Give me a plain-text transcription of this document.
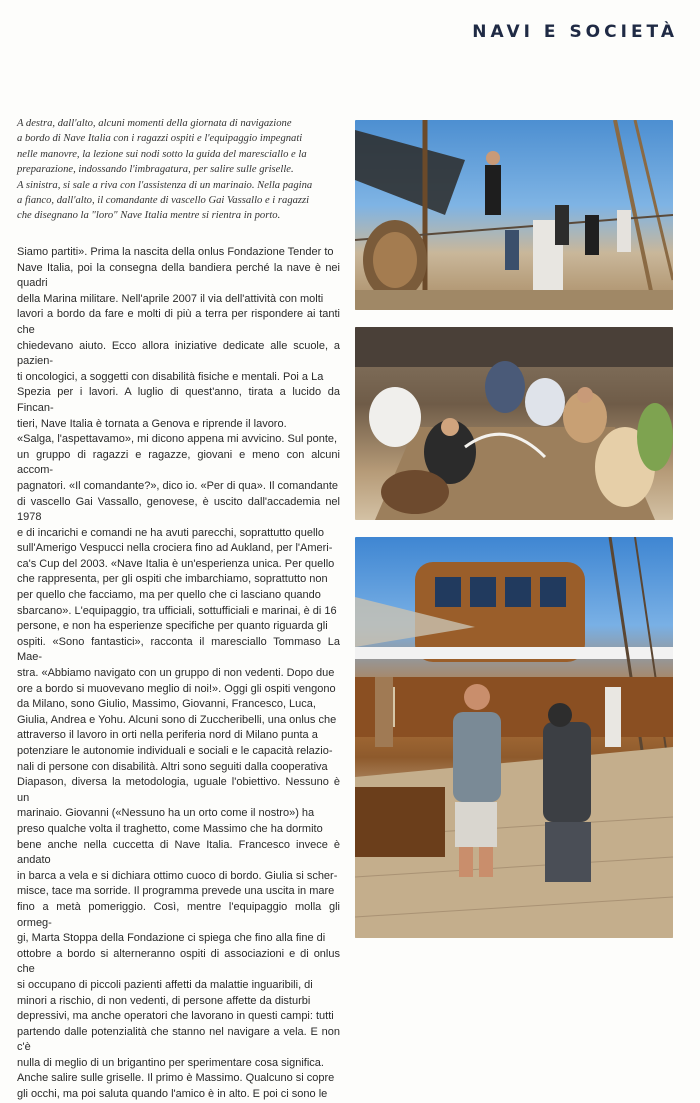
NAVI E SOCIETÀ

A destra, dall'alto, alcuni momenti della giornata di navigazione

a bordo di Nave Italia con i ragazzi ospiti e l'equipaggio impegnati

nelle manovre, la lezione sui nodi sotto la guida del maresciallo e la

preparazione, indossando l'imbragatura, per salire sulle griselle.

A sinistra, si sale a riva con l'assistenza di un marinaio. Nella pagina

a fianco, dall'alto, il comandante di vascello Gai Vassallo e i ragazzi

che disegnano la "loro" Nave Italia mentre si rientra in porto.

Siamo partiti». Prima la nascita della onlus Fondazione Tender to

Nave Italia, poi la consegna della bandiera perché la nave è nei quadri

della Marina militare. Nell'aprile 2007 il via dell'attività con molti

lavori a bordo da fare e molti di più a terra per rispondere ai tanti che

chiedevano aiuto. Ecco allora iniziative dedicate alle scuole, a pazien-

ti oncologici, a soggetti con disabilità fisiche e mentali. Poi a La

Spezia per i lavori. A luglio di quest'anno, tirata a lucido da Fincan-

tieri, Nave Italia è tornata a Genova e riprende il lavoro.

«Salga, l'aspettavamo», mi dicono appena mi avvicino. Sul ponte,

un gruppo di ragazzi e ragazze, giovani e meno con alcuni accom-

pagnatori. «Il comandante?», dico io. «Per di qua». Il comandante

di vascello Gai Vassallo, genovese, è uscito dall'accademia nel 1978

e di incarichi e comandi ne ha avuti parecchi, soprattutto quello

sull'Amerigo Vespucci nella crociera fino ad Aukland, per l'Ameri-

ca's Cup del 2003. «Nave Italia è un'esperienza unica. Per quello

che rappresenta, per gli ospiti che imbarchiamo, soprattutto non

per quello che facciamo, ma per quello che ci lasciano quando

sbarcano». L'equipaggio, tra ufficiali, sottufficiali e marinai, è di 16

persone, e non ha esperienze specifiche per quanto riguarda gli

ospiti. «Sono fantastici», racconta il maresciallo Tommaso La Mae-

stra. «Abbiamo navigato con un gruppo di non vedenti. Dopo due

ore a bordo si muovevano meglio di noi!». Oggi gli ospiti vengono

da Milano, sono Giulio, Massimo, Giovanni, Francesco, Luca,

Giulia, Andrea e Yohu. Alcuni sono di Zuccheribelli, una onlus che

attraverso il lavoro in orti nella periferia nord di Milano punta a

potenziare le autonomie individuali e sociali e le capacità relazio-

nali di persone con disabilità. Altri sono seguiti dalla cooperativa

Diapason, diversa la metodologia, uguale l'obiettivo. Nessuno è un

marinaio. Giovanni («Nessuno ha un orto come il nostro») ha

preso qualche volta il traghetto, come Massimo che ha dormito

bene anche nella cuccetta di Nave Italia. Francesco invece è andato

in barca a vela e si dichiara ottimo cuoco di bordo. Giulia si scher-

misce, tace ma sorride. Il programma prevede una uscita in mare

fino a metà pomeriggio. Così, mentre l'equipaggio molla gli ormeg-

gi, Marta Stoppa della Fondazione ci spiega che fino alla fine di

ottobre a bordo si alterneranno ospiti di associazioni e di onlus che

si occupano di piccoli pazienti affetti da malattie inguaribili, di

minori a rischio, di non vedenti, di persone affette da disturbi

depressivi, ma anche operatori che lavorano in questi campi: tutti

partendo dalle potenzialità che stanno nel navigare a vela. E non c'è

nulla di meglio di un brigantino per sperimentare cosa significa.

Anche salire sulle griselle. Il primo è Massimo. Qualcuno si copre

gli occhi, ma poi saluta quando l'amico è in alto. E poi ci sono le
